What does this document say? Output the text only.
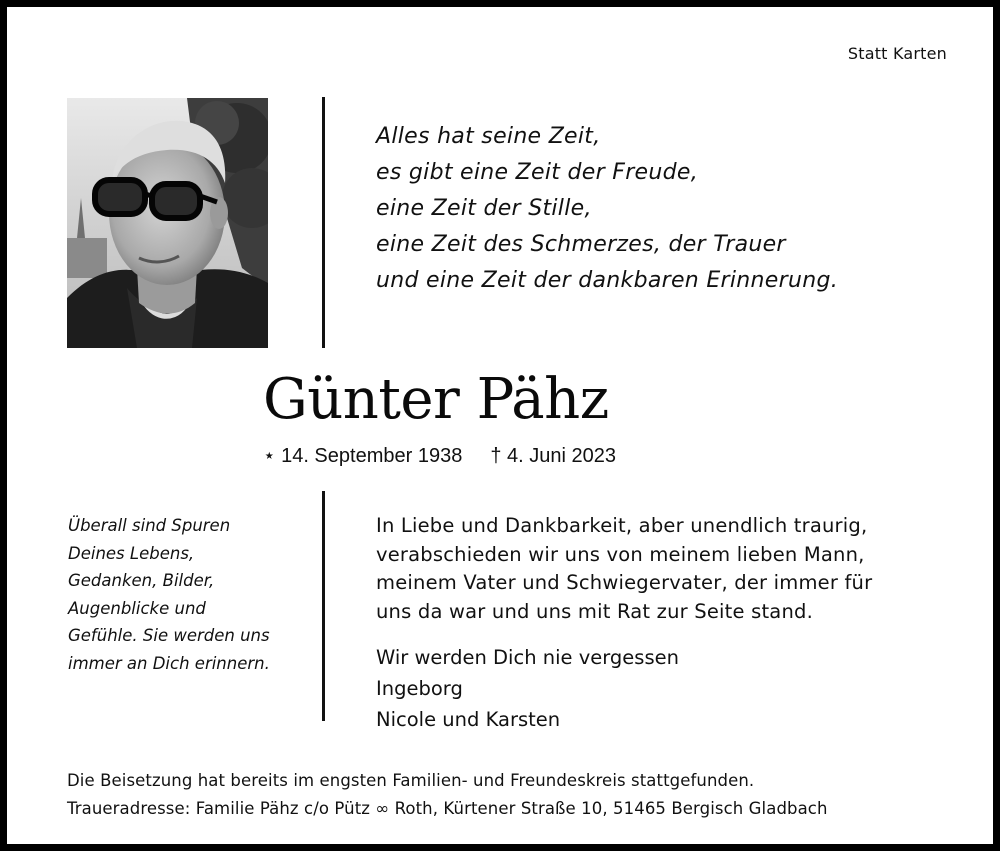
Statt Karten
Alles hat seine Zeit,
es gibt eine Zeit der Freude,
eine Zeit der Stille,
eine Zeit des Schmerzes, der Trauer
und eine Zeit der dankbaren Erinnerung.
Günter Pähz
⋆ 14. September 1938 † 4. Juni 2023
Überall sind Spuren
Deines Lebens,
Gedanken, Bilder,
Augenblicke und
Gefühle. Sie werden uns
immer an Dich erinnern.
In Liebe und Dankbarkeit, aber unendlich traurig,
verabschieden wir uns von meinem lieben Mann,
meinem Vater und Schwiegervater, der immer für
uns da war und uns mit Rat zur Seite stand.
Wir werden Dich nie vergessen
Ingeborg
Nicole und Karsten
Die Beisetzung hat bereits im engsten Familien- und Freundeskreis stattgefunden.
Traueradresse: Familie Pähz c/o Pütz ∞ Roth, Kürtener Straße 10, 51465 Bergisch Gladbach
